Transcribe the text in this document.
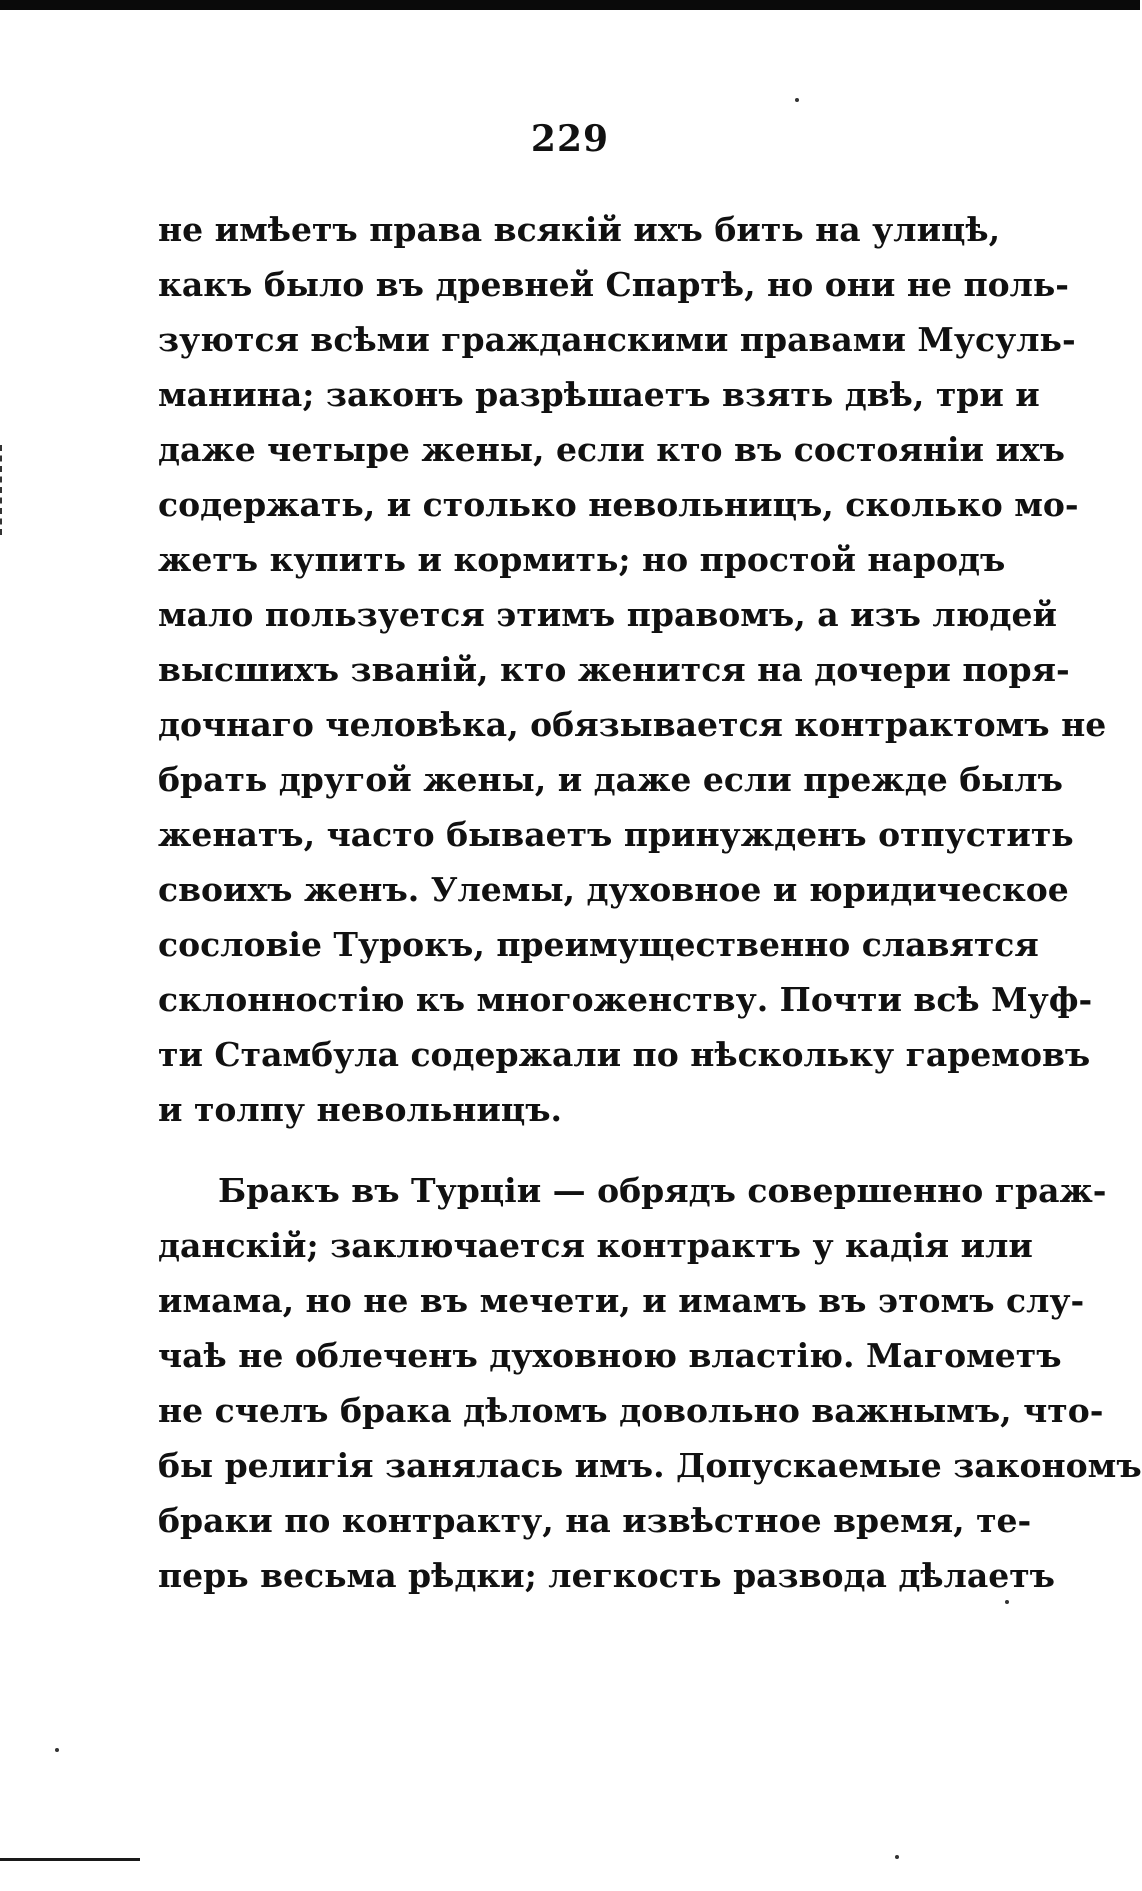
229
не имѣетъ права всякій ихъ бить на улицѣ,
какъ было въ древней Спартѣ, но они не поль-
зуются всѣми гражданскими правами Мусуль-
манина; законъ разрѣшаетъ взять двѣ, три и
даже четыре жены, если кто въ состояніи ихъ
содержать, и столько невольницъ, сколько мо-
жетъ купить и кормить; но простой народъ
мало пользуется этимъ правомъ, а изъ людей
высшихъ званій, кто женится на дочери поря-
дочнаго человѣка, обязывается контрактомъ не
брать другой жены, и даже если прежде былъ
женатъ, часто бываетъ принужденъ отпустить
своихъ женъ. Улемы, духовное и юридическое
сословіе Турокъ, преимущественно славятся
склонностію къ многоженству. Почти всѣ Муф-
ти Стамбула содержали по нѣскольку гаремовъ
и толпу невольницъ.
Бракъ въ Турціи — обрядъ совершенно граж-
данскій; заключается контрактъ у кадія или
имама, но не въ мечети, и имамъ въ этомъ слу-
чаѣ не облеченъ духовною властію. Магометъ
не счелъ брака дѣломъ довольно важнымъ, что-
бы религія занялась имъ. Допускаемые закономъ
браки по контракту, на извѣстное время, те-
перь весьма рѣдки; легкость развода дѣлаетъ
